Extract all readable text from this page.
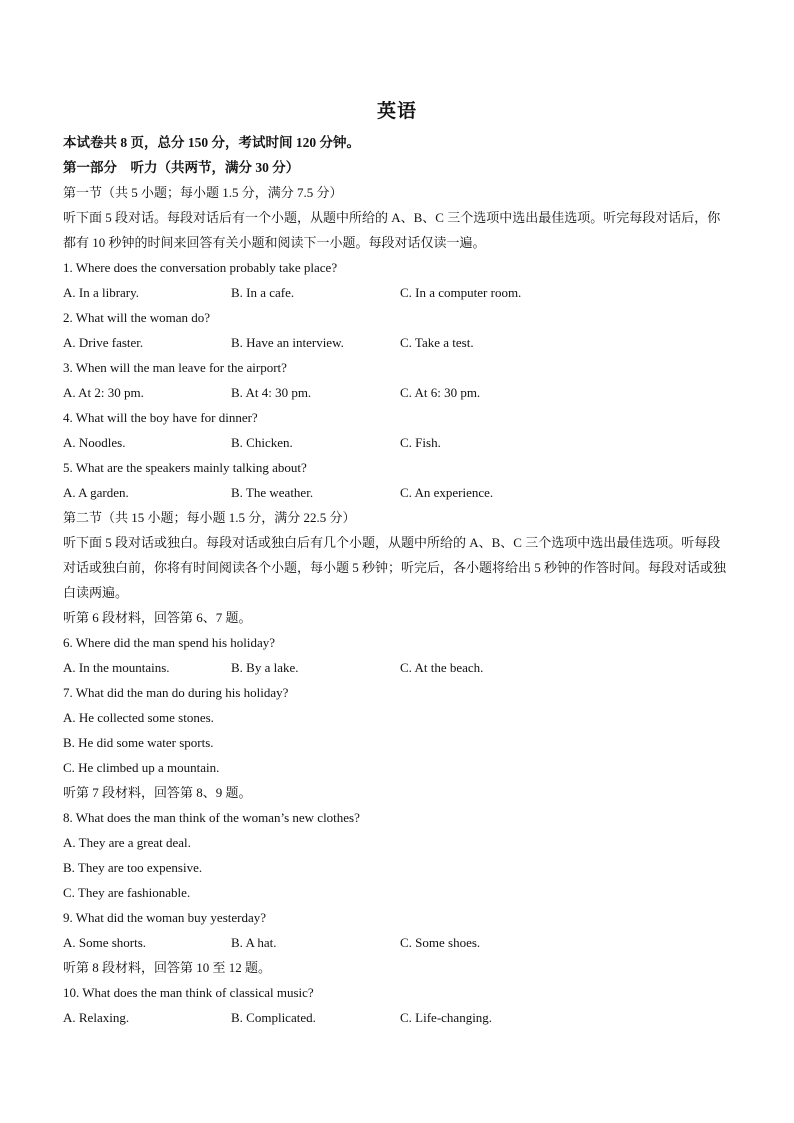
英语
本试卷共 8 页，总分 150 分，考试时间 120 分钟。
第一部分　听力（共两节，满分 30 分）
第一节（共 5 小题；每小题 1.5 分，满分 7.5 分）
听下面 5 段对话。每段对话后有一个小题，从题中所给的 A、B、C 三个选项中选出最佳选项。听完每段对话后，你都有 10 秒钟的时间来回答有关小题和阅读下一小题。每段对话仅读一遍。
1. Where does the conversation probably take place?
A. In a library.	B. In a cafe.	C. In a computer room.
2. What will the woman do?
A. Drive faster.	B. Have an interview.	C. Take a test.
3. When will the man leave for the airport?
A. At 2: 30 pm.	B. At 4: 30 pm.	C. At 6: 30 pm.
4. What will the boy have for dinner?
A. Noodles.	B. Chicken.	C. Fish.
5. What are the speakers mainly talking about?
A. A garden.	B. The weather.	C. An experience.
第二节（共 15 小题；每小题 1.5 分，满分 22.5 分）
听下面 5 段对话或独白。每段对话或独白后有几个小题，从题中所给的 A、B、C 三个选项中选出最佳选项。听每段对话或独白前，你将有时间阅读各个小题，每小题 5 秒钟；听完后，各小题将给出 5 秒钟的作答时间。每段对话或独白读两遍。
听第 6 段材料，回答第 6、7 题。
6. Where did the man spend his holiday?
A. In the mountains.	B. By a lake.	C. At the beach.
7. What did the man do during his holiday?
A. He collected some stones.
B. He did some water sports.
C. He climbed up a mountain.
听第 7 段材料，回答第 8、9 题。
8. What does the man think of the woman’s new clothes?
A. They are a great deal.
B. They are too expensive.
C. They are fashionable.
9. What did the woman buy yesterday?
A. Some shorts.	B. A hat.	C. Some shoes.
听第 8 段材料，回答第 10 至 12 题。
10. What does the man think of classical music?
A. Relaxing.	B. Complicated.	C. Life-changing.
